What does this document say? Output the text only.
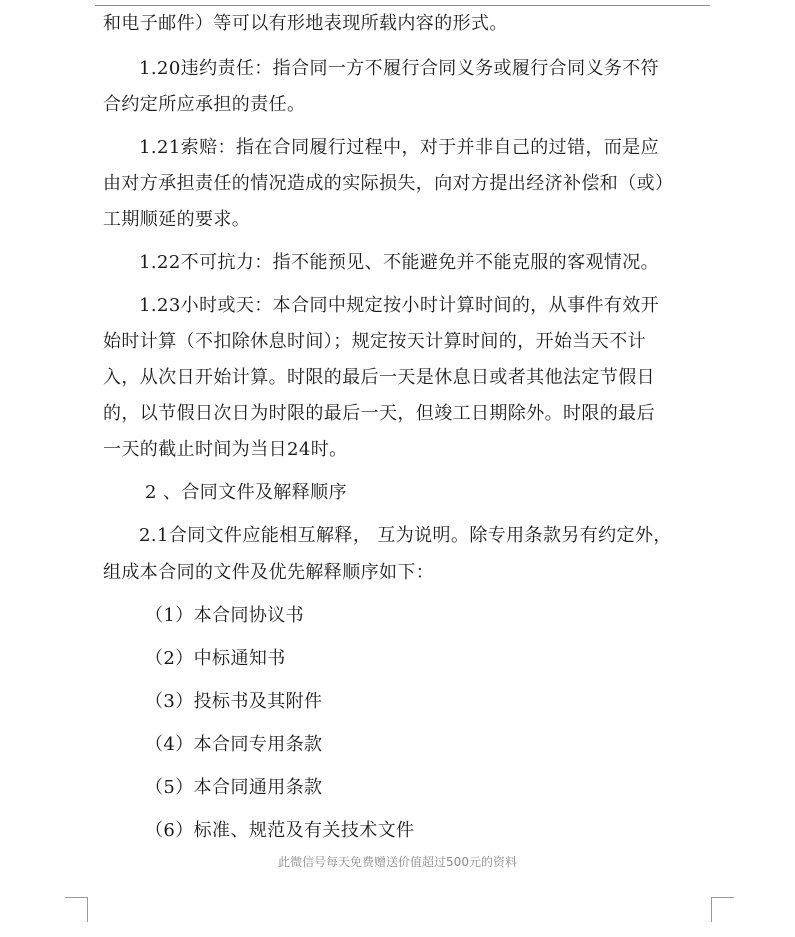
和电子邮件）等可以有形地表现所载内容的形式。
1.20违约责任：指合同一方不履行合同义务或履行合同义务不符
合约定所应承担的责任。
1.21索赔：指在合同履行过程中，对于并非自己的过错，而是应
由对方承担责任的情况造成的实际损失，向对方提出经济补偿和（或）
工期顺延的要求。
1.22不可抗力：指不能预见、不能避免并不能克服的客观情况。
1.23小时或天：本合同中规定按小时计算时间的，从事件有效开
始时计算（不扣除休息时间）；规定按天计算时间的，开始当天不计
入，从次日开始计算。时限的最后一天是休息日或者其他法定节假日
的，以节假日次日为时限的最后一天，但竣工日期除外。时限的最后
一天的截止时间为当日24时。
2 、合同文件及解释顺序
2.1合同文件应能相互解释， 互为说明。除专用条款另有约定外，
组成本合同的文件及优先解释顺序如下：
（1）本合同协议书
（2）中标通知书
（3）投标书及其附件
（4）本合同专用条款
（5）本合同通用条款
（6）标准、规范及有关技术文件
此微信号每天免费赠送价值超过500元的资料
